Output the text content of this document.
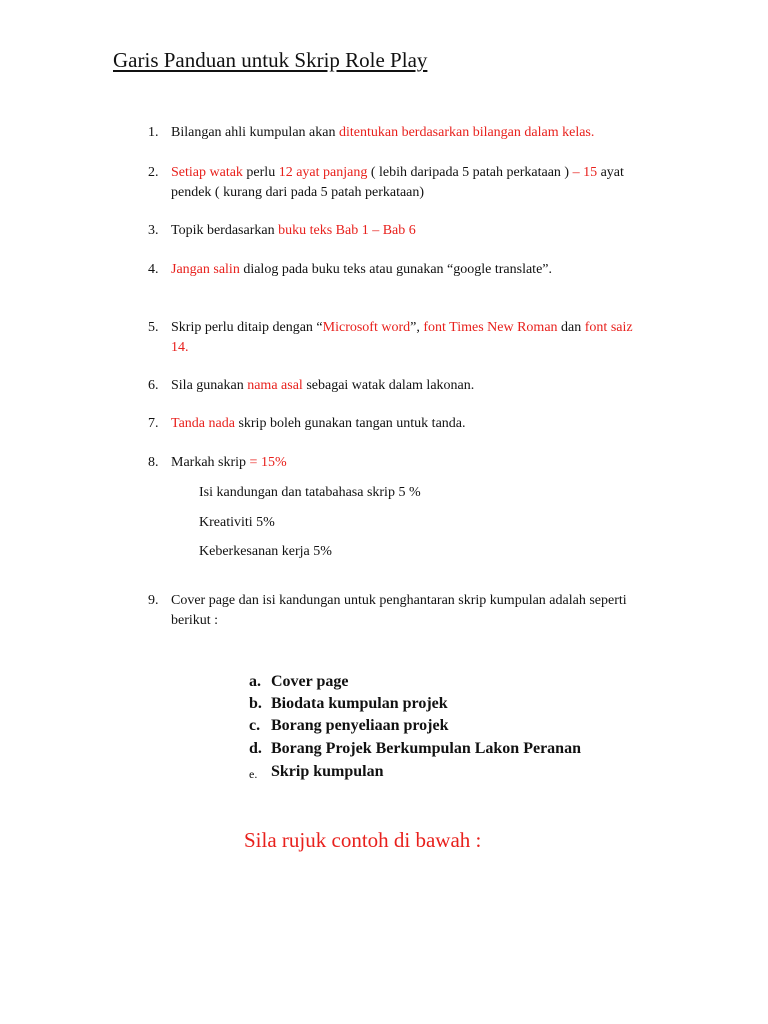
Garis Panduan untuk Skrip Role Play
1. Bilangan ahli kumpulan akan ditentukan berdasarkan bilangan dalam kelas.
2. Setiap watak perlu 12 ayat panjang ( lebih daripada 5 patah perkataan ) – 15 ayat pendek ( kurang dari pada 5 patah perkataan)
3. Topik berdasarkan buku teks Bab 1 – Bab 6
4. Jangan salin dialog pada buku teks atau gunakan “google translate”.
5. Skrip perlu ditaip dengan “Microsoft word”, font Times New Roman dan font saiz 14.
6. Sila gunakan nama asal sebagai watak dalam lakonan.
7. Tanda nada skrip boleh gunakan tangan untuk tanda.
8. Markah skrip = 15%
9. Cover page dan isi kandungan untuk penghantaran skrip kumpulan adalah seperti berikut :
Isi kandungan dan tatabahasa skrip 5 %
Kreativiti 5%
Keberkesanan kerja 5%
a. Cover page
b. Biodata kumpulan projek
c. Borang penyeliaan projek
d. Borang Projek Berkumpulan Lakon Peranan
e. Skrip kumpulan
Sila rujuk contoh di bawah :
